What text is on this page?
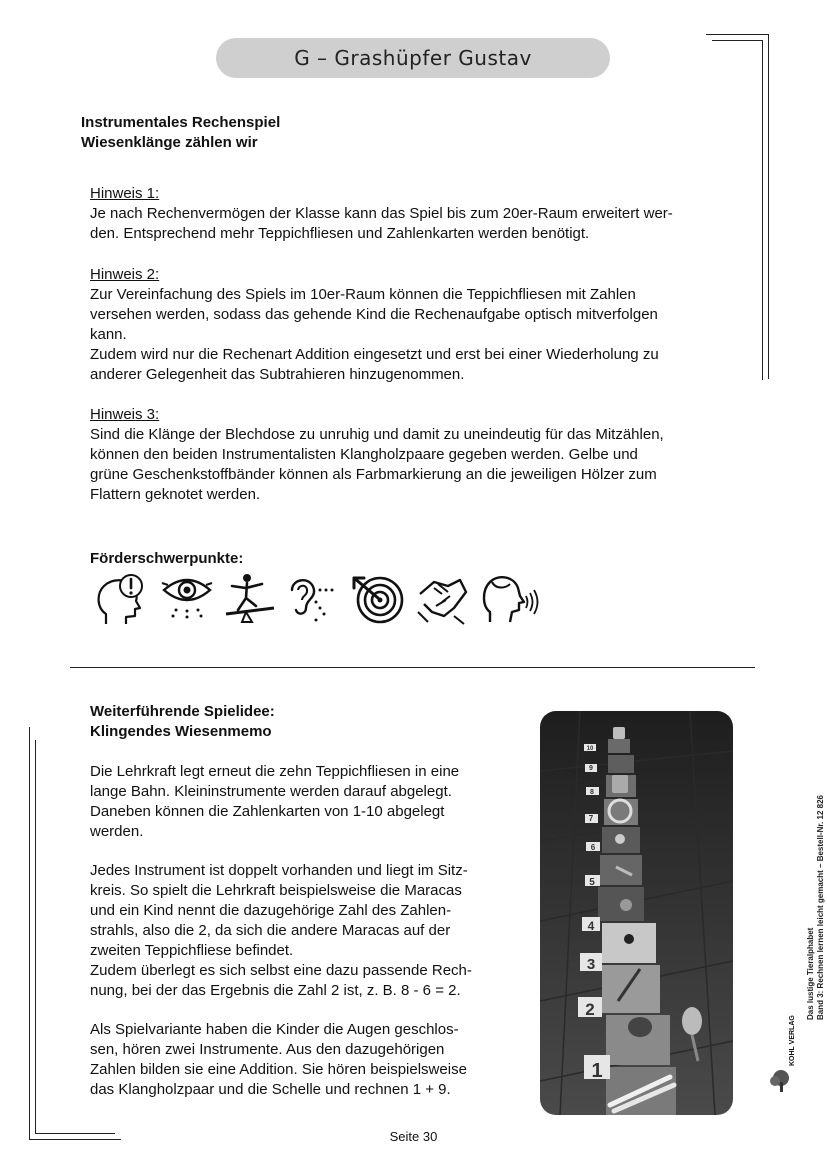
G – Grashüpfer Gustav
Instrumentales Rechenspiel
Wiesenklänge zählen wir
Hinweis 1:
Je nach Rechenvermögen der Klasse kann das Spiel bis zum 20er-Raum erweitert wer-
den. Entsprechend mehr Teppichfliesen und Zahlenkarten werden benötigt.
Hinweis 2:
Zur Vereinfachung des Spiels im 10er-Raum können die Teppichfliesen mit Zahlen
versehen werden, sodass das gehende Kind die Rechenaufgabe optisch mitverfolgen
kann.
Zudem wird nur die Rechenart Addition eingesetzt und erst bei einer Wiederholung zu
anderer Gelegenheit das Subtrahieren hinzugenommen.
Hinweis 3:
Sind die Klänge der Blechdose zu unruhig und damit zu uneindeutig für das Mitzählen,
können den beiden Instrumentalisten Klangholzpaare gegeben werden. Gelbe und
grüne Geschenkstoffbänder können als Farbmarkierung an die jeweiligen Hölzer zum
Flattern geknotet werden.
Förderschwerpunkte:
Weiterführende Spielidee:
Klingendes Wiesenmemo
Die Lehrkraft legt erneut die zehn Teppichfliesen in eine
lange Bahn. Kleininstrumente werden darauf abgelegt.
Daneben können die Zahlenkarten von 1-10 abgelegt
werden.
Jedes Instrument ist doppelt vorhanden und liegt im Sitz-
kreis. So spielt die Lehrkraft beispielsweise die Maracas
und ein Kind nennt die dazugehörige Zahl des Zahlen-
strahls, also die 2, da sich die andere Maracas auf der
zweiten Teppichfliese befindet.
Zudem überlegt es sich selbst eine dazu passende Rech-
nung, bei der das Ergebnis die Zahl 2 ist, z. B. 8 - 6 = 2.
Als Spielvariante haben die Kinder die Augen geschlos-
sen, hören zwei Instrumente. Aus den dazugehörigen
Zahlen bilden sie eine Addition. Sie hören beispielsweise
das Klangholzpaar und die Schelle und rechnen 1 + 9.
10
9
8
7
6
5
4
3
2
1
Das lustige Tieralphabet Band 3: Rechnen lernen leicht gemacht – Bestell-Nr. 12 826
KOHL VERLAG
Seite 30
